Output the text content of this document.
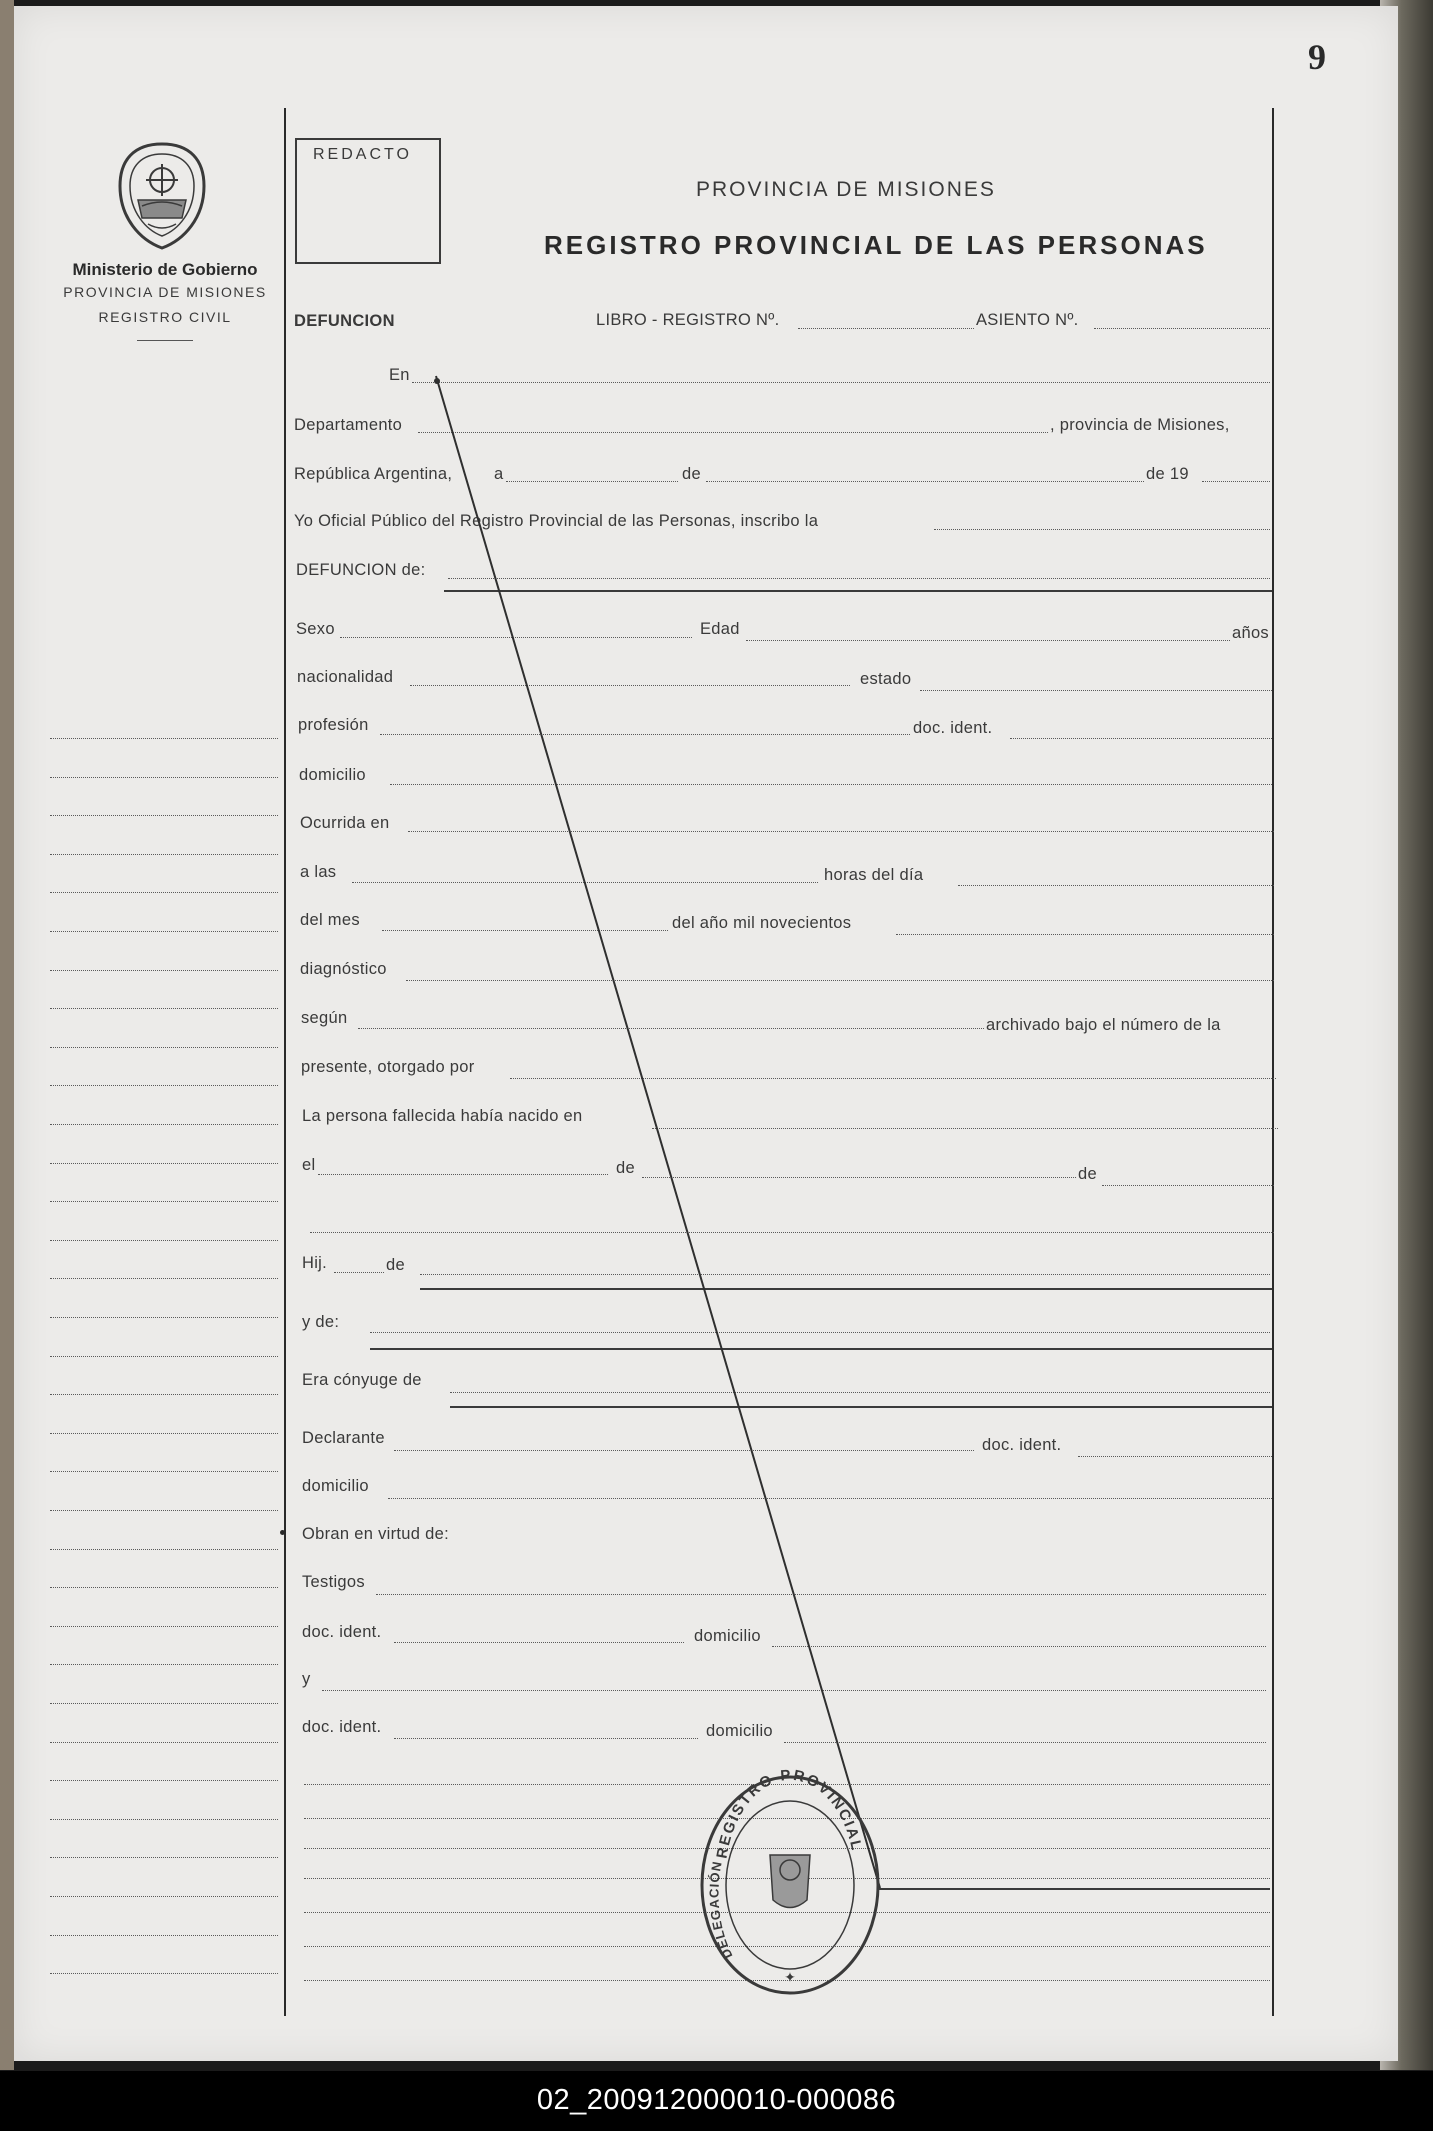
9
Ministerio de Gobierno
PROVINCIA DE MISIONES
REGISTRO CIVIL
REDACTO
PROVINCIA DE MISIONES
REGISTRO PROVINCIAL DE LAS PERSONAS
DEFUNCION	LIBRO - REGISTRO Nº.	ASIENTO Nº.
En
Departamento	, provincia de Misiones,
República Argentina,	a	de	de 19
Yo Oficial Público del Registro Provincial de las Personas, inscribo la
DEFUNCION de:
Sexo	Edad	años
nacionalidad	estado
profesión	doc. ident.
domicilio
Ocurrida en
a las	horas del día
del mes	del año mil novecientos
diagnóstico
según	archivado bajo el número de la
presente, otorgado por
La persona fallecida había nacido en
el	de	de
Hij.	de
y de:
Era cónyuge de
Declarante	doc. ident.
domicilio
Obran en virtud de:
Testigos
doc. ident.	domicilio
y
doc. ident.	domicilio
REGISTRO PROVINCIAL
DELEGACIÓN
✦
02_200912000010-000086
